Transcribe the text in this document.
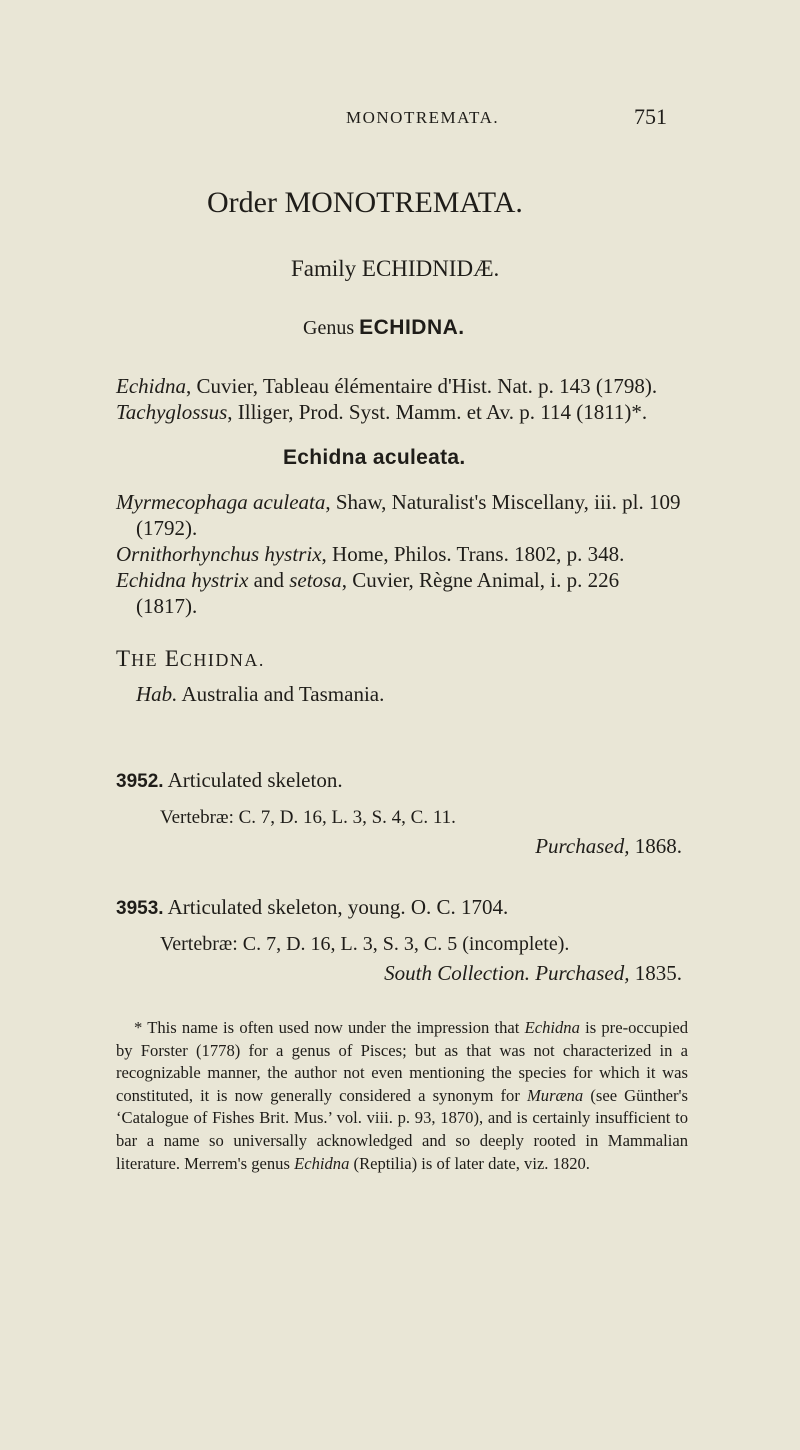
MONOTREMATA.	751
Order MONOTREMATA.
Family ECHIDNIDÆ.
Genus ECHIDNA.
Echidna, Cuvier, Tableau élémentaire d'Hist. Nat. p. 143 (1798).
Tachyglossus, Illiger, Prod. Syst. Mamm. et Av. p. 114 (1811)*.
Echidna aculeata.
Myrmecophaga aculeata, Shaw, Naturalist's Miscellany, iii. pl. 109
(1792).
Ornithorhynchus hystrix, Home, Philos. Trans. 1802, p. 348.
Echidna hystrix and setosa, Cuvier, Règne Animal, i. p. 226
(1817).
THE ECHIDNA.
Hab. Australia and Tasmania.
3952. Articulated skeleton.
Vertebræ: C. 7, D. 16, L. 3, S. 4, C. 11.
Purchased, 1868.
3953. Articulated skeleton, young. O. C. 1704.
Vertebræ: C. 7, D. 16, L. 3, S. 3, C. 5 (incomplete).
South Collection. Purchased, 1835.

* This name is often used now under the impression that Echidna is pre-occupied by Forster (1778) for a genus of Pisces; but as that was not characterized in a recognizable manner, the author not even mentioning the species for which it was constituted, it is now generally considered a synonym for Muræna (see Günther's ‘Catalogue of Fishes Brit. Mus.’ vol. viii. p. 93, 1870), and is certainly insufficient to bar a name so universally acknowledged and so deeply rooted in Mammalian literature. Merrem's genus Echidna (Reptilia) is of later date, viz. 1820.
